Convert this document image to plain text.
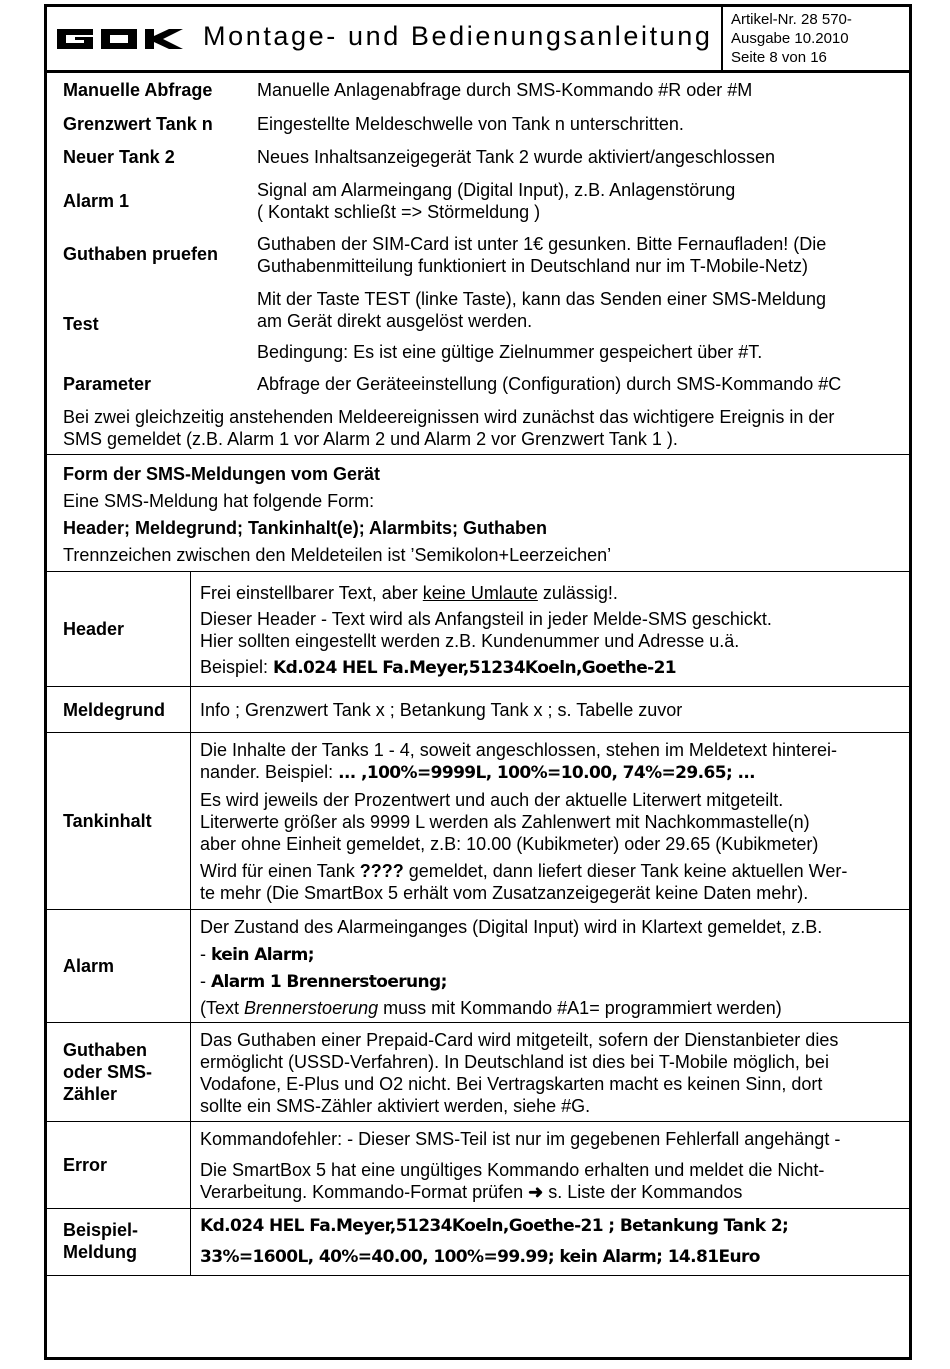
Montage- und Bedienungsanleitung
Artikel-Nr. 28 570-
Ausgabe 10.2010
Seite 8 von 16
Manuelle Abfrage Manuelle Anlagenabfrage durch SMS-Kommando #R oder #M
Grenzwert Tank n Eingestellte Meldeschwelle von Tank n unterschritten.
Neuer Tank 2	Neues Inhaltsanzeigegerät Tank 2 wurde aktiviert/angeschlossen
Alarm 1
Signal am Alarmeingang (Digital Input), z.B. Anlagenstörung
( Kontakt schließt => Störmeldung )
Guthaben pruefen Guthaben der SIM-Card ist unter 1€ gesunken. Bitte Fernaufladen! (Die
Guthabenmitteilung funktioniert in Deutschland nur im T-Mobile-Netz)
Test
Mit der Taste TEST (linke Taste), kann das Senden einer SMS-Meldung
am Gerät direkt ausgelöst werden.
Bedingung: Es ist eine gültige Zielnummer gespeichert über #T.
Parameter	Abfrage der Geräteeinstellung (Configuration) durch SMS-Kommando #C
Bei zwei gleichzeitig anstehenden Meldeereignissen wird zunächst das wichtigere Ereignis in der
SMS gemeldet (z.B. Alarm 1 vor Alarm 2 und Alarm 2 vor Grenzwert Tank 1 ).
Form der SMS-Meldungen vom Gerät
Eine SMS-Meldung hat folgende Form:
Header; Meldegrund; Tankinhalt(e); Alarmbits; Guthaben
Trennzeichen zwischen den Meldeteilen ist ’Semikolon+Leerzeichen’
Header
Frei einstellbarer Text, aber keine Umlaute zulässig!.
Dieser Header - Text wird als Anfangsteil in jeder Melde-SMS geschickt.
Hier sollten eingestellt werden z.B. Kundenummer und Adresse u.ä.
Beispiel: Kd.024 HEL Fa.Meyer,51234Koeln,Goethe-21
Meldegrund Info ; Grenzwert Tank x ; Betankung Tank x ; s. Tabelle zuvor
Tankinhalt
Die Inhalte der Tanks 1 - 4, soweit angeschlossen, stehen im Meldetext hinterei-
nander. Beispiel: ... ,100%=9999L, 100%=10.00, 74%=29.65; ...
Es wird jeweils der Prozentwert und auch der aktuelle Literwert mitgeteilt.
Literwerte größer als 9999 L werden als Zahlenwert mit Nachkommastelle(n)
aber ohne Einheit gemeldet, z.B: 10.00 (Kubikmeter) oder 29.65 (Kubikmeter)
Wird für einen Tank ???? gemeldet, dann liefert dieser Tank keine aktuellen Wer-
te mehr (Die SmartBox 5 erhält vom Zusatzanzeigegerät keine Daten mehr).
Alarm
Der Zustand des Alarmeinganges (Digital Input) wird in Klartext gemeldet, z.B.
- kein Alarm;
- Alarm 1 Brennerstoerung;
(Text Brennerstoerung muss mit Kommando #A1= programmiert werden)
Guthaben
oder SMS-
Zähler
Das Guthaben einer Prepaid-Card wird mitgeteilt, sofern der Dienstanbieter dies
ermöglicht (USSD-Verfahren). In Deutschland ist dies bei T-Mobile möglich, bei
Vodafone, E-Plus und O2 nicht. Bei Vertragskarten macht es keinen Sinn, dort
sollte ein SMS-Zähler aktiviert werden, siehe #G.
Error
Kommandofehler: - Dieser SMS-Teil ist nur im gegebenen Fehlerfall angehängt -
Die SmartBox 5 hat eine ungültiges Kommando erhalten und meldet die Nicht-
Verarbeitung. Kommando-Format prüfen ➜ s. Liste der Kommandos
Beispiel-
Meldung
Kd.024 HEL Fa.Meyer,51234Koeln,Goethe-21 ; Betankung Tank 2;
33%=1600L, 40%=40.00, 100%=99.99; kein Alarm; 14.81Euro
